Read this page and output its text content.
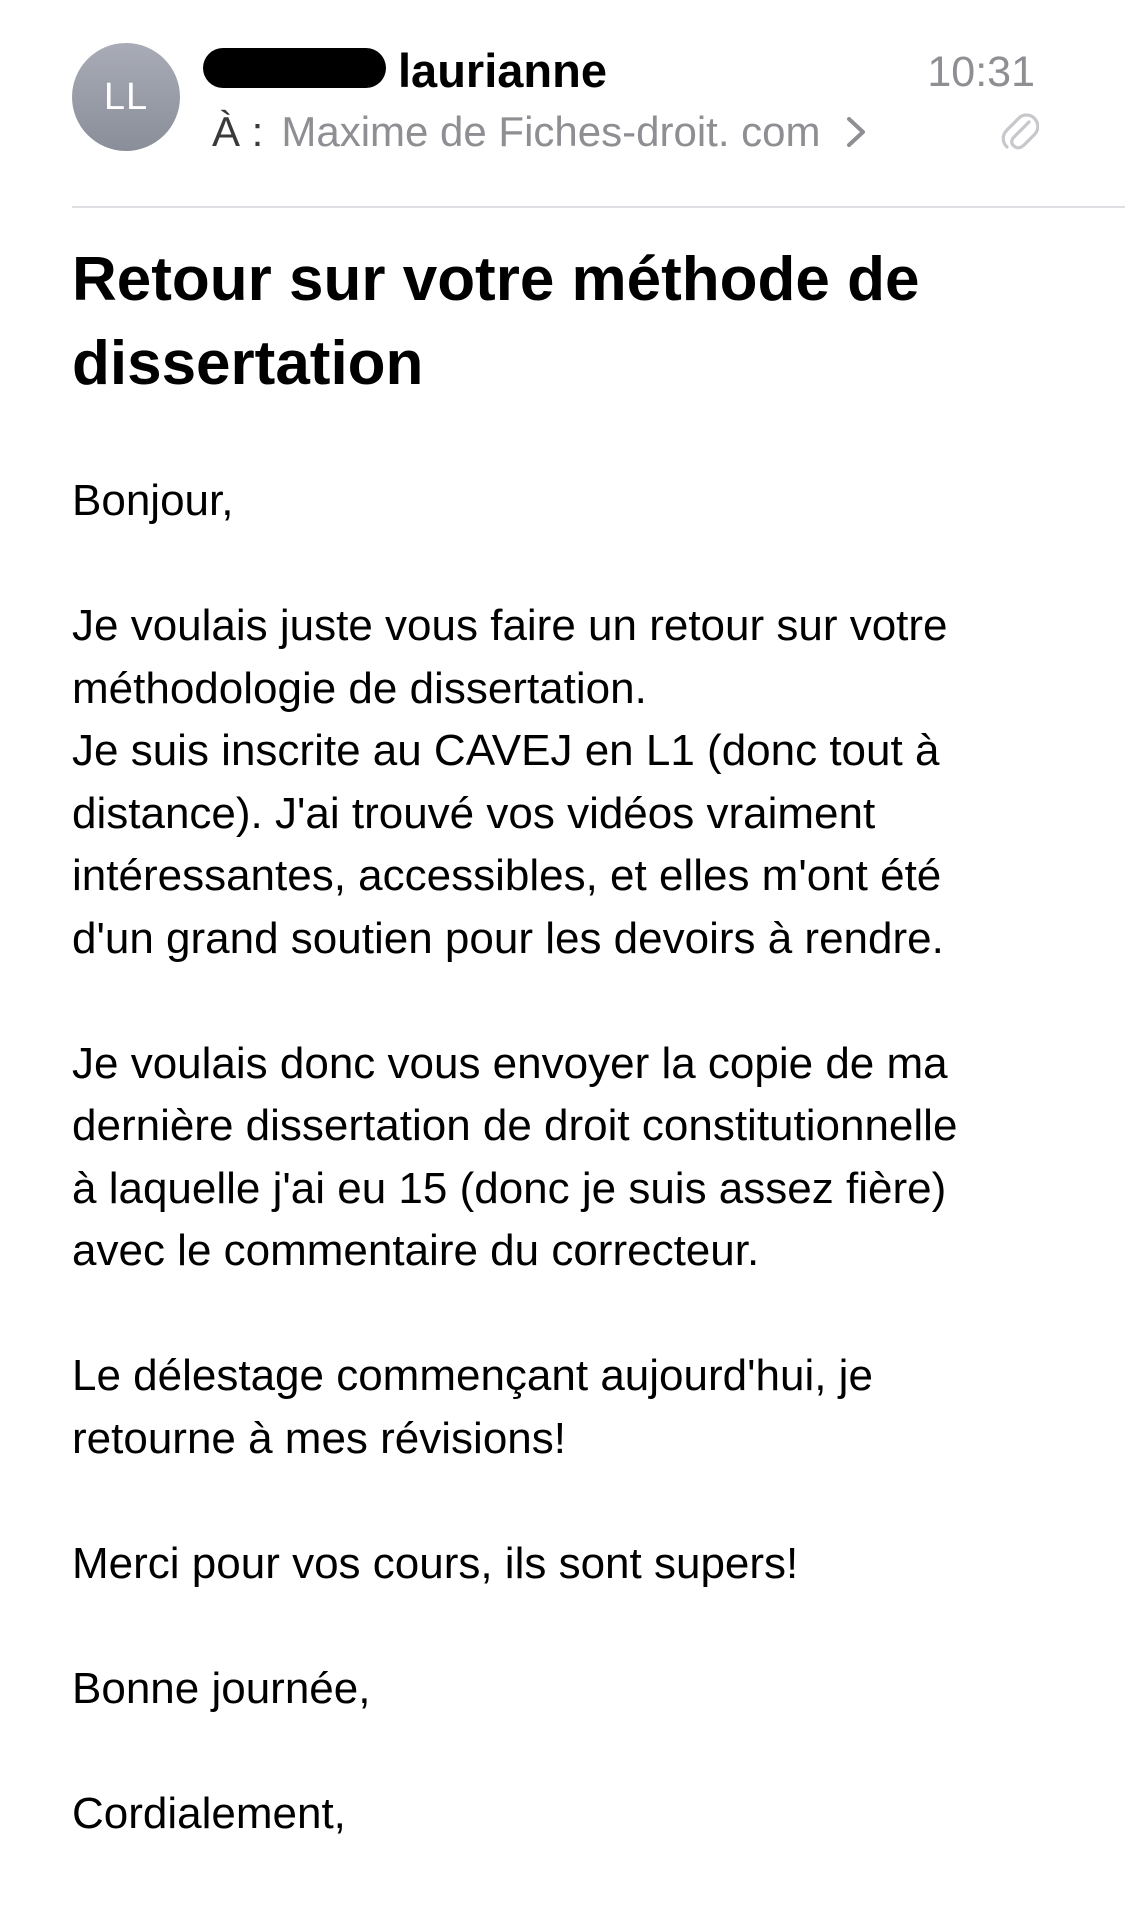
LL	laurianne	10:31
À : Maxime de Fiches-droit. com
Retour sur votre méthode de dissertation

Bonjour,

Je voulais juste vous faire un retour sur votre
méthodologie de dissertation.
Je suis inscrite au CAVEJ en L1 (donc tout à
distance). J'ai trouvé vos vidéos vraiment
intéressantes, accessibles, et elles m'ont été
d'un grand soutien pour les devoirs à rendre.

Je voulais donc vous envoyer la copie de ma
dernière dissertation de droit constitutionnelle
à laquelle j'ai eu 15 (donc je suis assez fière)
avec le commentaire du correcteur.

Le délestage commençant aujourd'hui, je
retourne à mes révisions!

Merci pour vos cours, ils sont supers!

Bonne journée,

Cordialement,
